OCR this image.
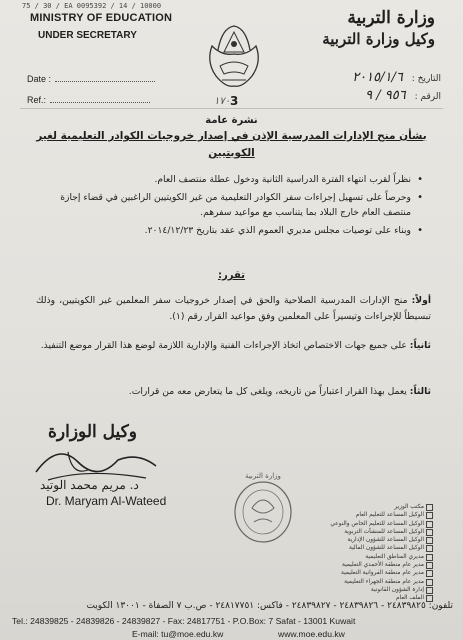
75 / 30 / EA 0095392 / 14 / 10000
MINISTRY OF EDUCATION
UNDER SECRETARY
وزارة التربية
وكيل وزارة التربية
Date :
Ref.:
التاريخ : ٢٠١٥/١/٦
الرقم : ٩٥٦ / ٩
١٧٠ 3
نشرة عامة
بشأن منح الإدارات المدرسية الإذن في إصدار خروجيات الكوادر التعليمية لغير الكويتيين
• نظراً لقرب انتهاء الفترة الدراسية الثانية ودخول عطلة منتصف العام.
• وحرصاً على تسهيل إجراءات سفر الكوادر التعليمية من غير الكويتيين الراغبين في قضاء إجازة منتصف العام خارج البلاد بما يتناسب مع مواعيد سفرهم.
• وبناء على توصيات مجلس مديري العموم الذي عقد بتاريخ ٢٠١٤/١٢/٢٣.
تقرر:
أولاً: منح الإدارات المدرسية الصلاحية والحق في إصدار خروجيات سفر المعلمين غير الكويتيين، وذلك تبسيطاً للإجراءات وتيسيراً على المعلمين وفق مواعيد القرار رقم (١).
ثانياً: على جميع جهات الاختصاص اتخاذ الإجراءات الفنية والإدارية اللازمة لوضع هذا القرار موضع التنفيذ.
ثالثاً: يعمل بهذا القرار اعتباراً من تاريخه، ويلغى كل ما يتعارض معه من قرارات.
وكيل الوزارة
د. مريم محمد الوتيد
Dr. Maryam Al-Wateed
وزارة التربية
مكتب الوزير
الوكيل المساعد للتعليم العام
الوكيل المساعد للتعليم الخاص والنوعي
الوكيل المساعد للمنشآت التربوية
الوكيل المساعد للشؤون الإدارية
الوكيل المساعد للشؤون المالية
مديري المناطق التعليمية
مدير عام منطقة الأحمدي التعليمية
مدير عام منطقة الفروانية التعليمية
مدير عام منطقة الجهراء التعليمية
إدارة الشؤون القانونية
الملف العام
تلفون: ٢٤٨٣٩٨٢٥ - ٢٤٨٣٩٨٢٦ - ٢٤٨٣٩٨٢٧ - فاكس: ٢٤٨١٧٧٥١ - ص.ب ٧ الصفاة - ١٣٠٠١ الكويت
Tel.: 24839825 - 24839826 - 24839827 - Fax: 24817751 - P.O.Box: 7 Safat - 13001 Kuwait
E-mail: tu@moe.edu.kw	www.moe.edu.kw
